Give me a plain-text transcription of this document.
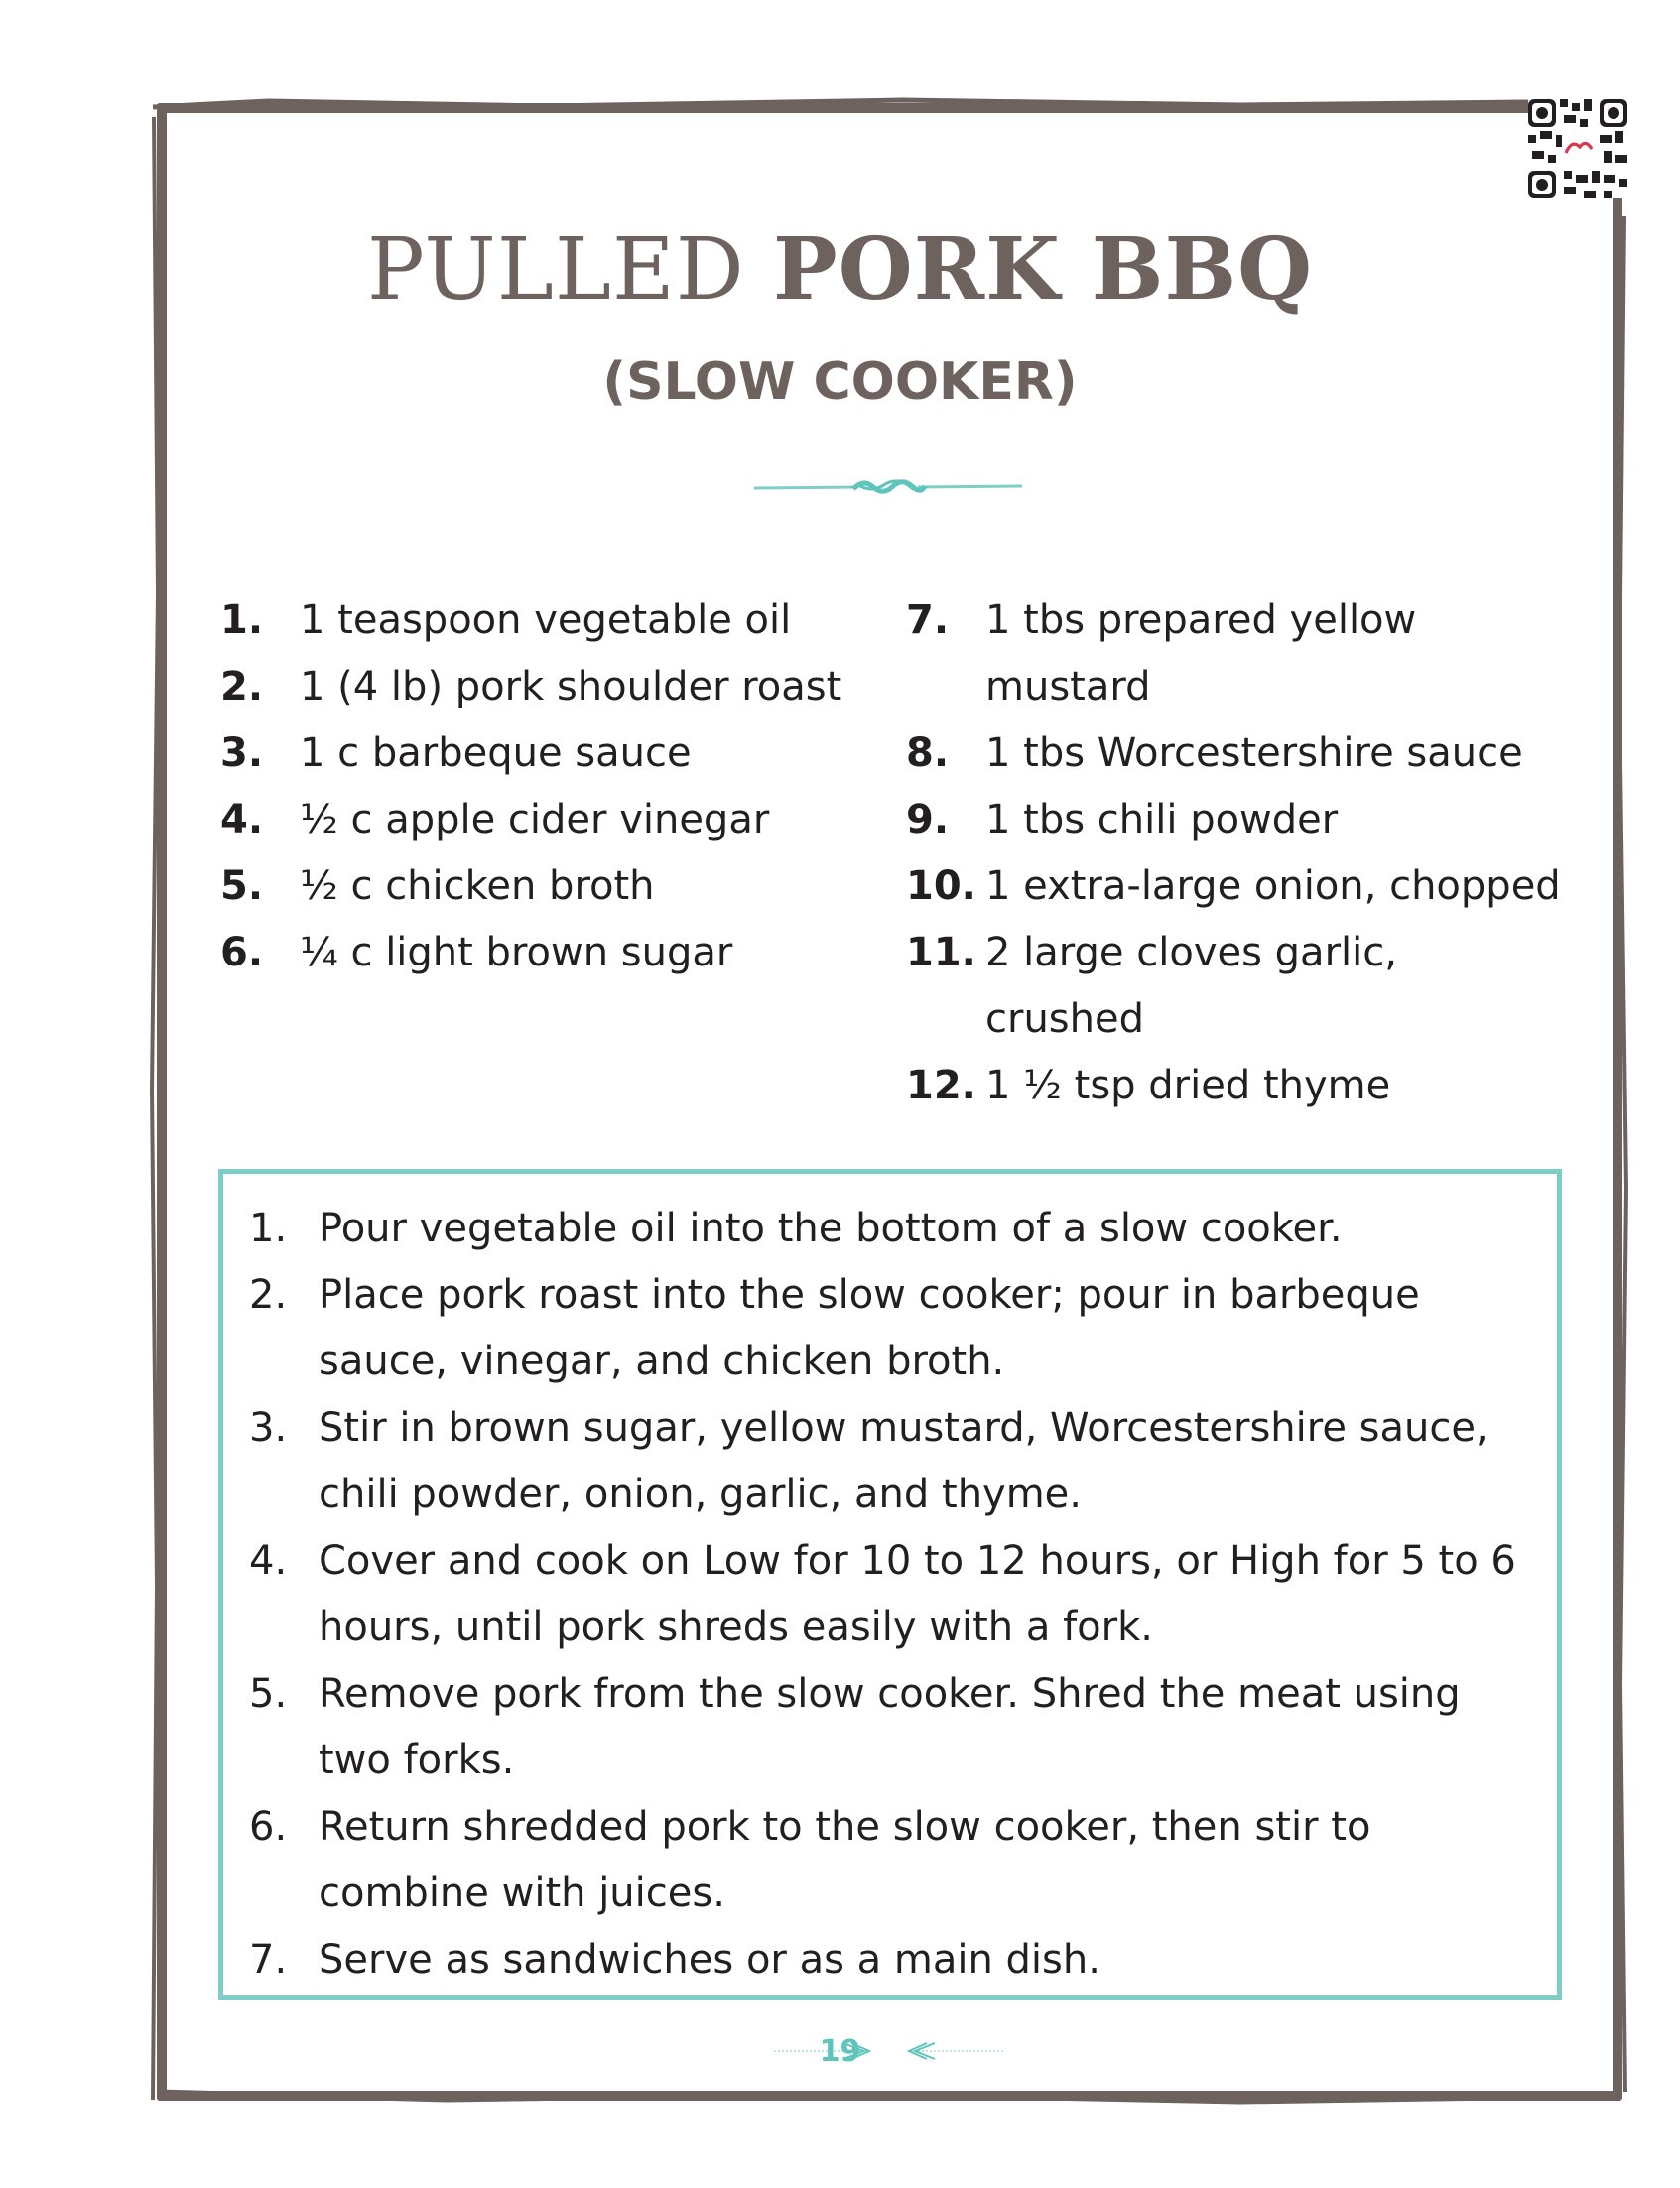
PULLED PORK BBQ
(SLOW COOKER)
1. 1 teaspoon vegetable oil
2. 1 (4 lb) pork shoulder roast
3. 1 c barbeque sauce
4. ½ c apple cider vinegar
5. ½ c chicken broth
6. ¼ c light brown sugar
7. 1 tbs prepared yellow mustard
8. 1 tbs Worcestershire sauce
9. 1 tbs chili powder
10. 1 extra-large onion, chopped
11. 2 large cloves garlic, crushed
12. 1 ½ tsp dried thyme
1. Pour vegetable oil into the bottom of a slow cooker.
2. Place pork roast into the slow cooker; pour in barbeque sauce, vinegar, and chicken broth.
3. Stir in brown sugar, yellow mustard, Worcestershire sauce, chili powder, onion, garlic, and thyme.
4. Cover and cook on Low for 10 to 12 hours, or High for 5 to 6 hours, until pork shreds easily with a fork.
5. Remove pork from the slow cooker. Shred the meat using two forks.
6. Return shredded pork to the slow cooker, then stir to combine with juices.
7. Serve as sandwiches or as a main dish.
19
